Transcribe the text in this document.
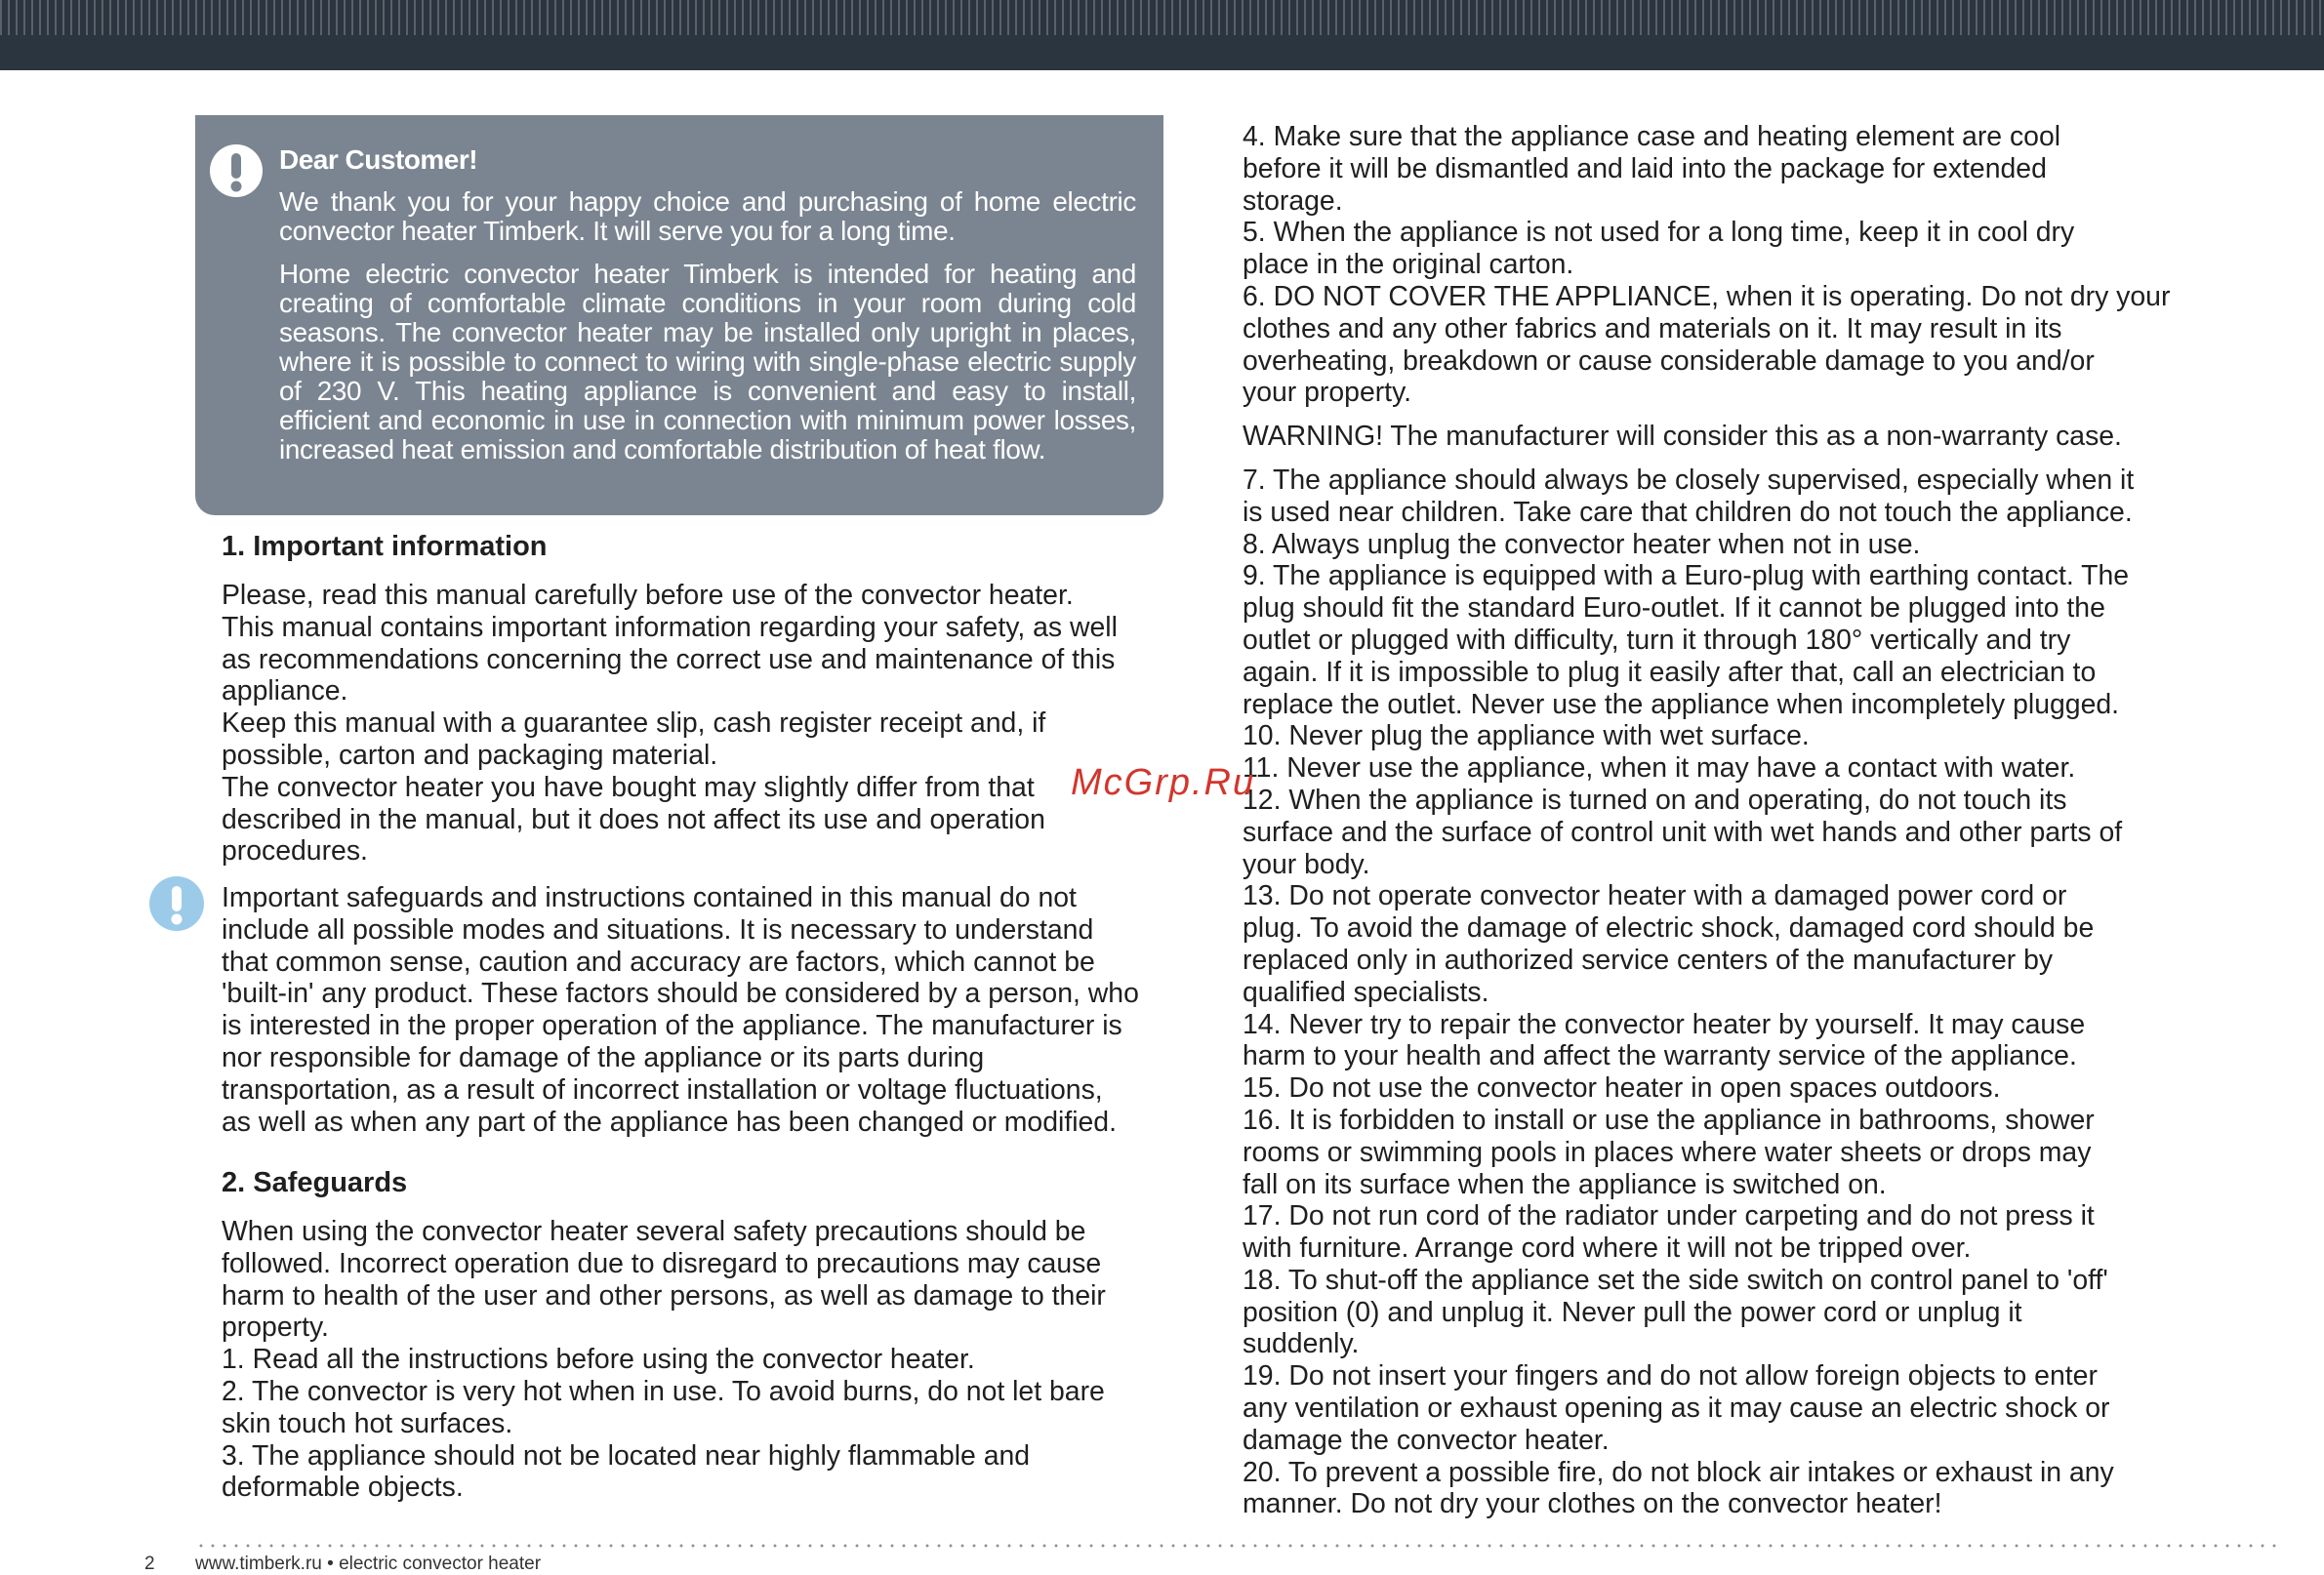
Dear Customer!

We thank you for your happy choice and purchasing of home electric convector heater Timberk. It will serve you for a long time.

Home electric convector heater Timberk is intended for heating and creating of comfortable climate conditions in your room during cold seasons. The convector heater may be installed only upright in places, where it is possible to connect to wiring with single-phase electric supply of 230 V. This heating appliance is convenient and easy to install, efficient and economic in use in connection with minimum power losses, increased heat emission and comfortable distribution of heat flow.

1. Important information

Please, read this manual carefully before use of the convector heater.

This manual contains important information regarding your safety, as well

as recommendations concerning the correct use and maintenance of this

appliance.

Keep this manual with a guarantee slip, cash register receipt and, if

possible, carton and packaging material.

The convector heater you have bought may slightly differ from that

described in the manual, but it does not affect its use and operation

procedures.

Important safeguards and instructions contained in this manual do not

include all possible modes and situations. It is necessary to understand

that common sense, caution and accuracy are factors, which cannot be

'built-in' any product. These factors should be considered by a person, who

is interested in the proper operation of the appliance. The manufacturer is

nor responsible for damage of the appliance or its parts during

transportation, as a result of incorrect installation or voltage fluctuations,

as well as when any part of the appliance has been changed or modified.

2. Safeguards

When using the convector heater several safety precautions should be

followed. Incorrect operation due to disregard to precautions may cause

harm to health of the user and other persons, as well as damage to their

property.

1. Read all the instructions before using the convector heater.

2. The convector is very hot when in use. To avoid burns, do not let bare

skin touch hot surfaces.

3. The appliance should not be located near highly flammable and

deformable objects.

4. Make sure that the appliance case and heating element are cool

before it will be dismantled and laid into the package for extended

storage.

5. When the appliance is not used for a long time, keep it in cool dry

place in the original carton.

6. DO NOT COVER THE APPLIANCE, when it is operating. Do not dry your

clothes and any other fabrics and materials on it. It may result in its

overheating, breakdown or cause considerable damage to you and/or

your property.

WARNING! The manufacturer will consider this as a non-warranty case.

7. The appliance should always be closely supervised, especially when it

is used near children. Take care that children do not touch the appliance.

8. Always unplug the convector heater when not in use.

9. The appliance is equipped with a Euro-plug with earthing contact. The

plug should fit the standard Euro-outlet. If it cannot be plugged into the

outlet or plugged with difficulty, turn it through 180° vertically and try

again. If it is impossible to plug it easily after that, call an electrician to

replace the outlet. Never use the appliance when incompletely plugged.

10. Never plug the appliance with wet surface.

11. Never use the appliance, when it may have a contact with water.

12. When the appliance is turned on and operating, do not touch its

surface and the surface of control unit with wet hands and other parts of

your body.

13. Do not operate convector heater with a damaged power cord or

plug. To avoid the damage of electric shock, damaged cord should be

replaced only in authorized service centers of the manufacturer by

qualified specialists.

14. Never try to repair the convector heater by yourself. It may cause

harm to your health and affect the warranty service of the appliance.

15. Do not use the convector heater in open spaces outdoors.

16. It is forbidden to install or use the appliance in bathrooms, shower

rooms or swimming pools in places where water sheets or drops may

fall on its surface when the appliance is switched on.

17. Do not run cord of the radiator under carpeting and do not press it

with furniture. Arrange cord where it will not be tripped over.

18. To shut-off the appliance set the side switch on control panel to 'off'

position (0) and unplug it. Never pull the power cord or unplug it

suddenly.

19. Do not insert your fingers and do not allow foreign objects to enter

any ventilation or exhaust opening as it may cause an electric shock or

damage the convector heater.

20. To prevent a possible fire, do not block air intakes or exhaust in any

manner. Do not dry your clothes on the convector heater!

McGrp.Ru
2 www.timberk.ru • electric convector heater
